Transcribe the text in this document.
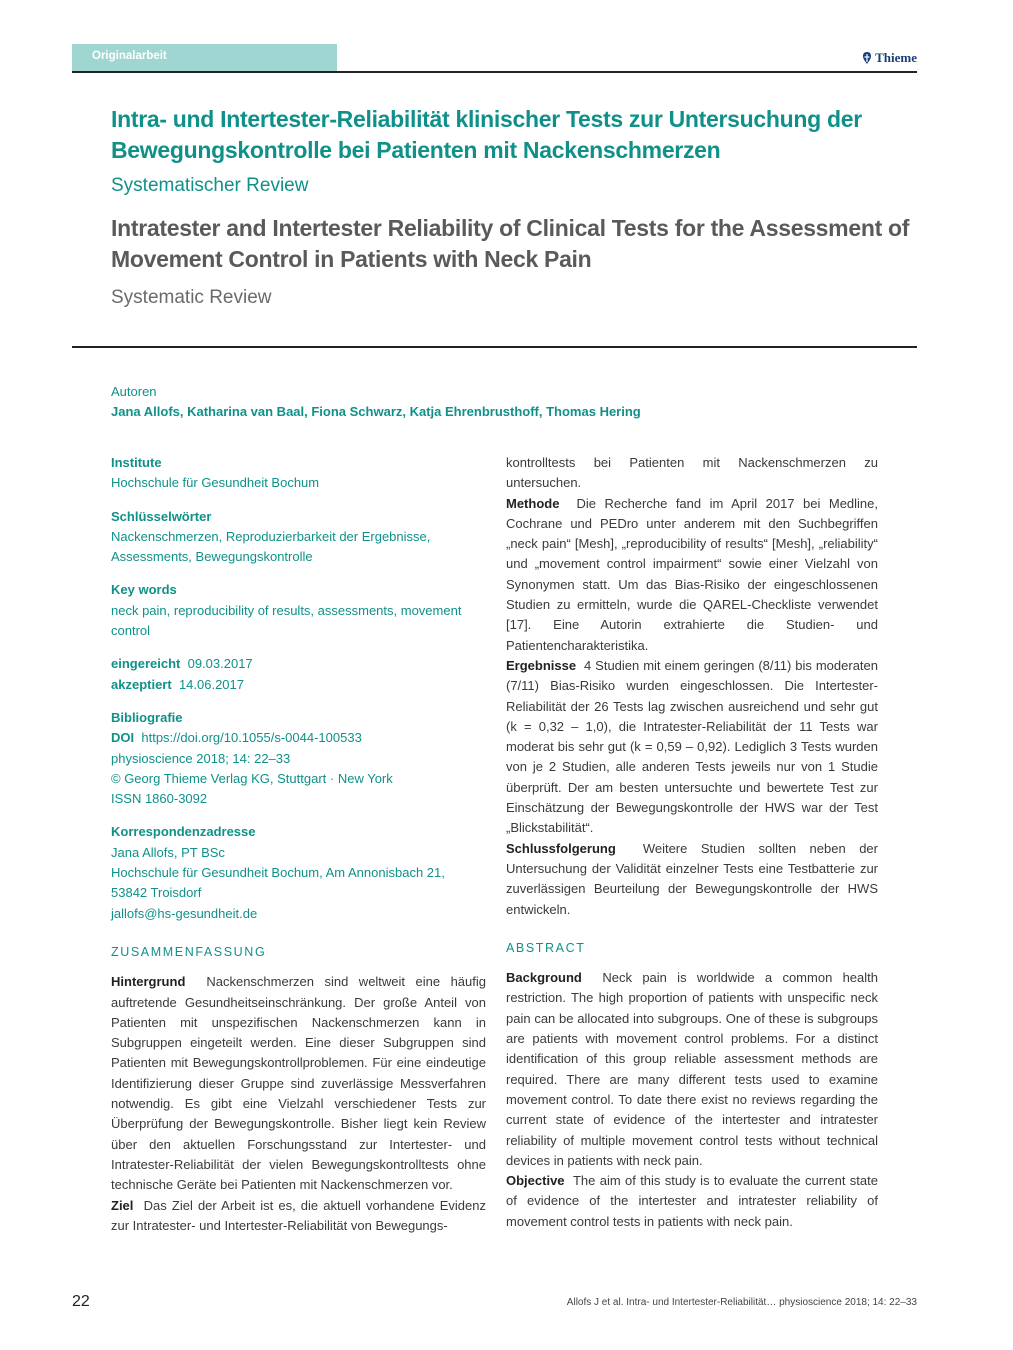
Originalarbeit	Thieme
Intra- und Intertester-Reliabilität klinischer Tests zur Untersuchung der Bewegungskontrolle bei Patienten mit Nackenschmerzen
Systematischer Review
Intratester and Intertester Reliability of Clinical Tests for the Assessment of Movement Control in Patients with Neck Pain
Systematic Review
Autoren
Jana Allofs, Katharina van Baal, Fiona Schwarz, Katja Ehrenbrusthoff, Thomas Hering
Institute
Hochschule für Gesundheit Bochum
Schlüsselwörter
Nackenschmerzen, Reproduzierbarkeit der Ergebnisse, Assessments, Bewegungskontrolle
Key words
neck pain, reproducibility of results, assessments, movement control
eingereicht 09.03.2017
akzeptiert 14.06.2017
Bibliografie
DOI https://doi.org/10.1055/s-0044-100533
physioscience 2018; 14: 22–33
© Georg Thieme Verlag KG, Stuttgart · New York
ISSN 1860-3092
Korrespondenzadresse
Jana Allofs, PT BSc
Hochschule für Gesundheit Bochum, Am Annonisbach 21,
53842 Troisdorf
jallofs@hs-gesundheit.de
ZUSAMMENFASSUNG

Hintergrund Nackenschmerzen sind weltweit eine häufig auftretende Gesundheitseinschränkung. Der große Anteil von Patienten mit unspezifischen Nackenschmerzen kann in Subgruppen eingeteilt werden. Eine dieser Subgruppen sind Patienten mit Bewegungskontrollproblemen. Für eine eindeutige Identifizierung dieser Gruppe sind zuverlässige Messverfahren notwendig. Es gibt eine Vielzahl verschiedener Tests zur Überprüfung der Bewegungskontrolle. Bisher liegt kein Review über den aktuellen Forschungsstand zur Intertester- und Intratester-Reliabilität der vielen Bewegungskontrolltests ohne technische Geräte bei Patienten mit Nackenschmerzen vor.

Ziel Das Ziel der Arbeit ist es, die aktuell vorhandene Evidenz zur Intratester- und Intertester-Reliabilität von Bewegungs-

kontrolltests bei Patienten mit Nackenschmerzen zu untersuchen.

Methode Die Recherche fand im April 2017 bei Medline, Cochrane und PEDro unter anderem mit den Suchbegriffen „neck pain“ [Mesh], „reproducibility of results“ [Mesh], „reliability“ und „movement control impairment“ sowie einer Vielzahl von Synonymen statt. Um das Bias-Risiko der eingeschlossenen Studien zu ermitteln, wurde die QAREL-Checkliste verwendet [17]. Eine Autorin extrahierte die Studien- und Patientencharakteristika.

Ergebnisse 4 Studien mit einem geringen (8/11) bis moderaten (7/11) Bias-Risiko wurden eingeschlossen. Die Intertester-Reliabilität der 26 Tests lag zwischen ausreichend und sehr gut (k = 0,32 – 1,0), die Intratester-Reliabilität der 11 Tests war moderat bis sehr gut (k = 0,59 – 0,92). Lediglich 3 Tests wurden von je 2 Studien, alle anderen Tests jeweils nur von 1 Studie überprüft. Der am besten untersuchte und bewertete Test zur Einschätzung der Bewegungskontrolle der HWS war der Test „Blickstabilität“.

Schlussfolgerung Weitere Studien sollten neben der Untersuchung der Validität einzelner Tests eine Testbatterie zur zuverlässigen Beurteilung der Bewegungskontrolle der HWS entwickeln.

ABSTRACT

Background Neck pain is worldwide a common health restriction. The high proportion of patients with unspecific neck pain can be allocated into subgroups. One of these is subgroups are patients with movement control problems. For a distinct identification of this group reliable assessment methods are required. There are many different tests used to examine movement control. To date there exist no reviews regarding the current state of evidence of the intertester and intratester reliability of multiple movement control tests without technical devices in patients with neck pain.

Objective The aim of this study is to evaluate the current state of evidence of the intertester and intratester reliability of movement control tests in patients with neck pain.

22	Allofs J et al. Intra- und Intertester-Reliabilität… physioscience 2018; 14: 22–33
